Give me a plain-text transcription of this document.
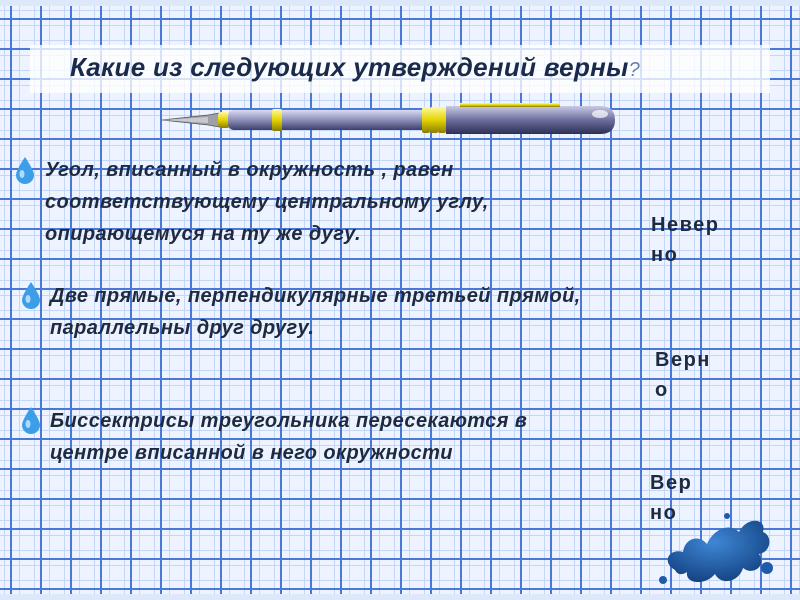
Какие из следующих утверждений верны?
Угол, вписанный в окружность , равен
соответствующему центральному углу,
опирающемуся на ту же дугу.	Невер
но
Две прямые, перпендикулярные третьей прямой,
параллельны друг другу.
Верн
о
Биссектрисы треугольника пересекаются в
центре вписанной в него окружности
Вер
но
